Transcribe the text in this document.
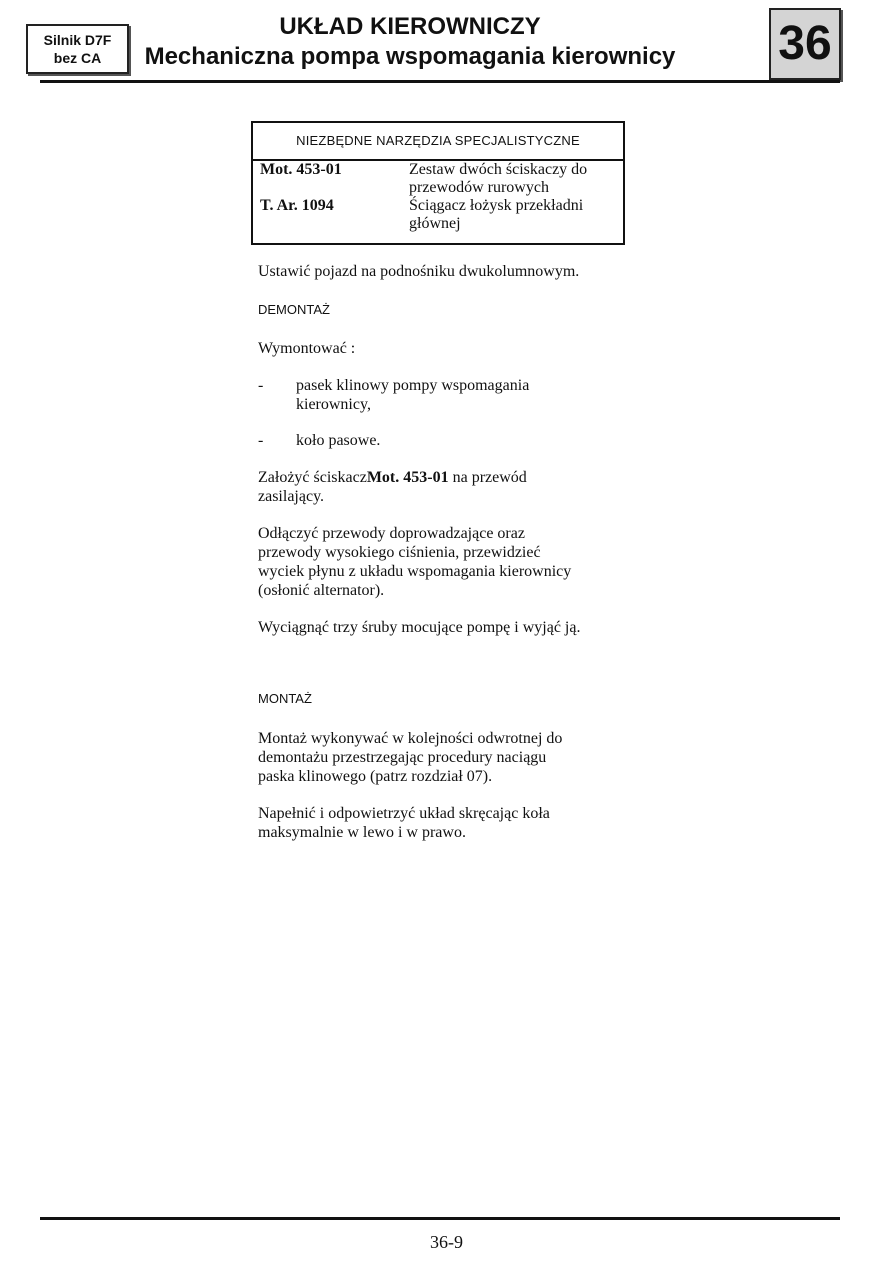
Silnik D7F
bez CA
UKŁAD KIEROWNICZY
Mechaniczna pompa wspomagania kierownicy	36
NIEZBĘDNE NARZĘDZIA SPECJALISTYCZNE
Mot. 453-01	Zestaw dwóch ściskaczy do
przewodów rurowych
T. Ar. 1094	Ściągacz łożysk przekładni
głównej

Ustawić pojazd na podnośniku dwukolumnowym.

DEMONTAŻ

Wymontować :

-	pasek klinowy pompy wspomagania
kierownicy,
-	koło pasowe.

Założyć ściskaczMot. 453-01 na przewód
zasilający.

Odłączyć przewody doprowadzające oraz
przewody wysokiego ciśnienia, przewidzieć
wyciek płynu z układu wspomagania kierownicy
(osłonić alternator).

Wyciągnąć trzy śruby mocujące pompę i wyjąć ją.

MONTAŻ

Montaż wykonywać w kolejności odwrotnej do
demontażu przestrzegając procedury naciągu
paska klinowego (patrz rozdział 07).

Napełnić i odpowietrzyć układ skręcając koła
maksymalnie w lewo i w prawo.

36-9
